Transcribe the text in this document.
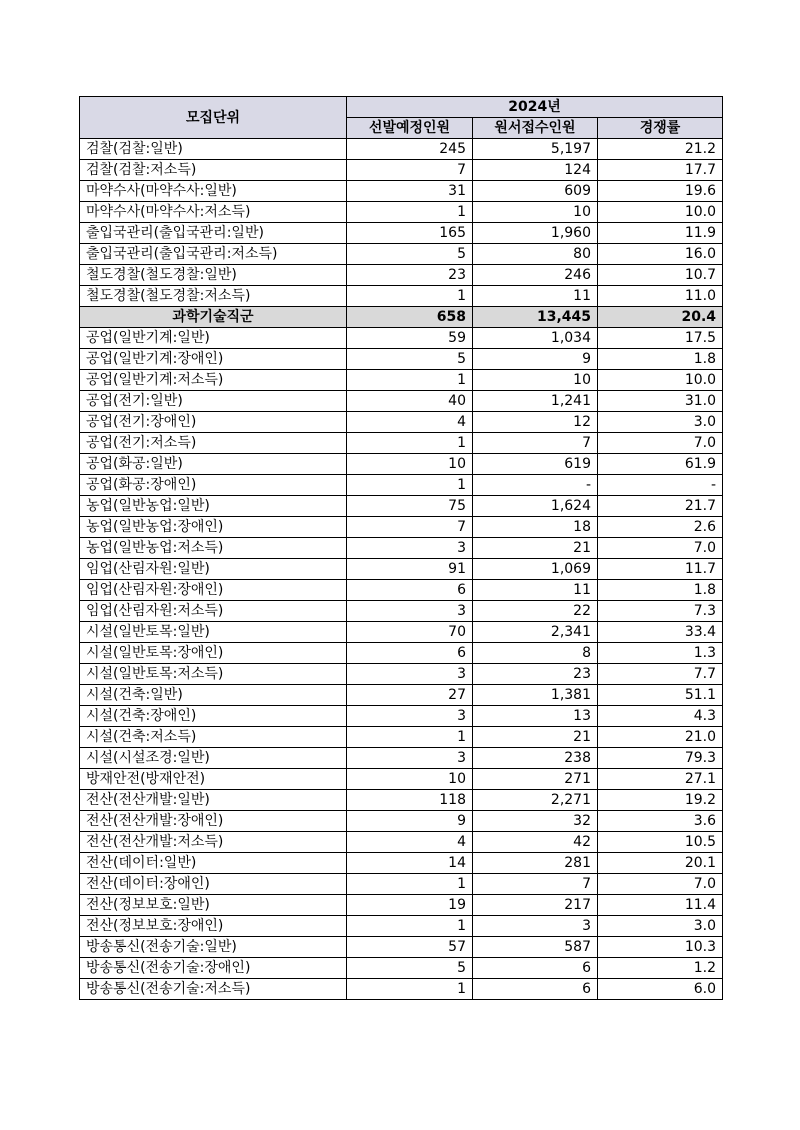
모집단위	2024년		
	선발예정인원	원서접수인원	경쟁률
검찰(검찰:일반)	245	5,197	21.2
검찰(검찰:저소득)	7	124	17.7
마약수사(마약수사:일반)	31	609	19.6
마약수사(마약수사:저소득)	1	10	10.0
출입국관리(출입국관리:일반)	165	1,960	11.9
출입국관리(출입국관리:저소득)	5	80	16.0
철도경찰(철도경찰:일반)	23	246	10.7
철도경찰(철도경찰:저소득)	1	11	11.0
과학기술직군	658	13,445	20.4
공업(일반기계:일반)	59	1,034	17.5
공업(일반기계:장애인)	5	9	1.8
공업(일반기계:저소득)	1	10	10.0
공업(전기:일반)	40	1,241	31.0
공업(전기:장애인)	4	12	3.0
공업(전기:저소득)	1	7	7.0
공업(화공:일반)	10	619	61.9
공업(화공:장애인)	1	-	-
농업(일반농업:일반)	75	1,624	21.7
농업(일반농업:장애인)	7	18	2.6
농업(일반농업:저소득)	3	21	7.0
임업(산림자원:일반)	91	1,069	11.7
임업(산림자원:장애인)	6	11	1.8
임업(산림자원:저소득)	3	22	7.3
시설(일반토목:일반)	70	2,341	33.4
시설(일반토목:장애인)	6	8	1.3
시설(일반토목:저소득)	3	23	7.7
시설(건축:일반)	27	1,381	51.1
시설(건축:장애인)	3	13	4.3
시설(건축:저소득)	1	21	21.0
시설(시설조경:일반)	3	238	79.3
방재안전(방재안전)	10	271	27.1
전산(전산개발:일반)	118	2,271	19.2
전산(전산개발:장애인)	9	32	3.6
전산(전산개발:저소득)	4	42	10.5
전산(데이터:일반)	14	281	20.1
전산(데이터:장애인)	1	7	7.0
전산(정보보호:일반)	19	217	11.4
전산(정보보호:장애인)	1	3	3.0
방송통신(전송기술:일반)	57	587	10.3
방송통신(전송기술:장애인)	5	6	1.2
방송통신(전송기술:저소득)	1	6	6.0
